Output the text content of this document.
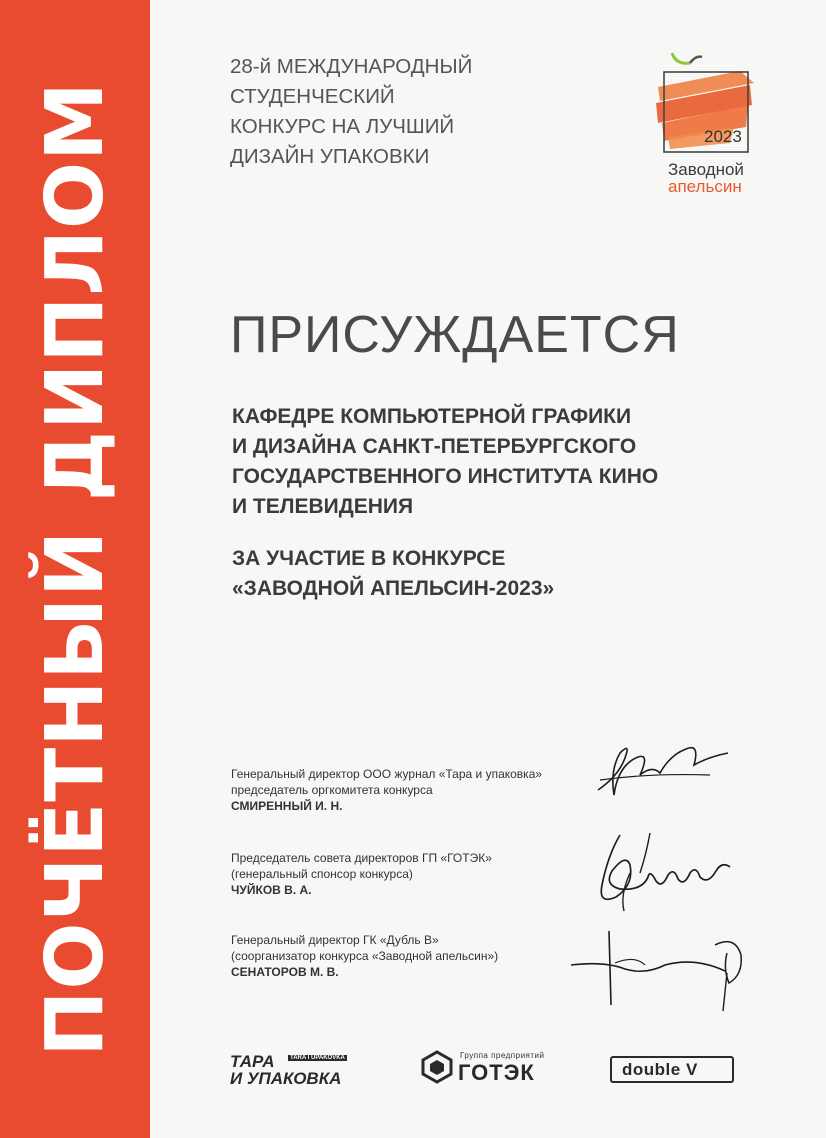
ПОЧЁТНЫЙ ДИПЛОМ
28-й МЕЖДУНАРОДНЫЙ
СТУДЕНЧЕСКИЙ
КОНКУРС НА ЛУЧШИЙ
ДИЗАЙН УПАКОВКИ
2023
Заводной
апельсин
ПРИСУЖДАЕТСЯ
КАФЕДРЕ КОМПЬЮТЕРНОЙ ГРАФИКИ
И ДИЗАЙНА САНКТ-ПЕТЕРБУРГСКОГО
ГОСУДАРСТВЕННОГО ИНСТИТУТА КИНО
И ТЕЛЕВИДЕНИЯ
ЗА УЧАСТИЕ В КОНКУРСЕ
«ЗАВОДНОЙ АПЕЛЬСИН-2023»
Генеральный директор ООО журнал «Тара и упаковка»
председатель оргкомитета конкурса
СМИРЕННЫЙ И. Н.
Председатель совета директоров ГП «ГОТЭК»
(генеральный спонсор конкурса)
ЧУЙКОВ В. А.
Генеральный директор ГК «Дубль В»
(соорганизатор конкурса «Заводной апельсин»)
СЕНАТОРОВ М. В.
ТАРА
И УПАКОВКА
TARA I UPAKOVKA	Группа предприятий
ГОТЭК	double V
